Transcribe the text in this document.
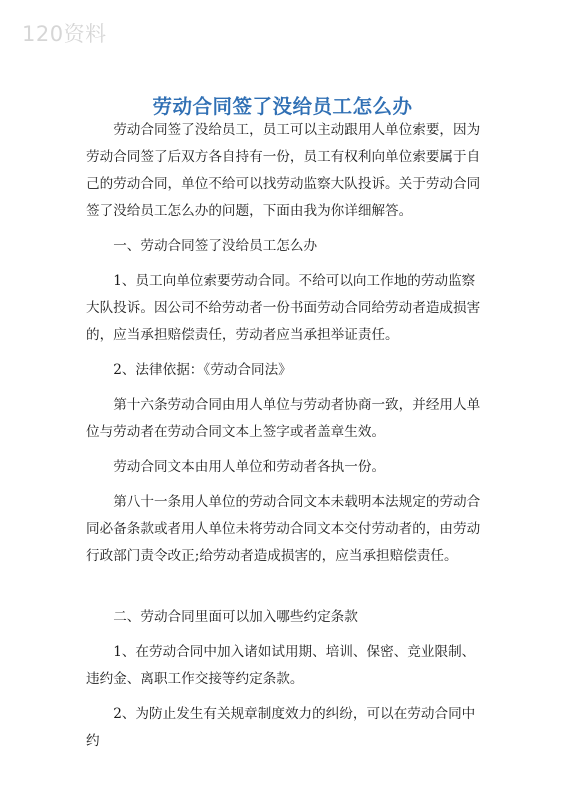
120资料
劳动合同签了没给员工怎么办

劳动合同签了没给员工，员工可以主动跟用人单位索要，因为劳动合同签了后双方各自持有一份，员工有权利向单位索要属于自己的劳动合同，单位不给可以找劳动监察大队投诉。关于劳动合同签了没给员工怎么办的问题，下面由我为你详细解答。

一、劳动合同签了没给员工怎么办

1、员工向单位索要劳动合同。不给可以向工作地的劳动监察大队投诉。因公司不给劳动者一份书面劳动合同给劳动者造成损害的，应当承担赔偿责任，劳动者应当承担举证责任。

2、法律依据：《劳动合同法》

第十六条劳动合同由用人单位与劳动者协商一致，并经用人单位与劳动者在劳动合同文本上签字或者盖章生效。

劳动合同文本由用人单位和劳动者各执一份。

第八十一条用人单位的劳动合同文本未载明本法规定的劳动合同必备条款或者用人单位未将劳动合同文本交付劳动者的，由劳动行政部门责令改正;给劳动者造成损害的，应当承担赔偿责任。

二、劳动合同里面可以加入哪些约定条款

1、在劳动合同中加入诸如试用期、培训、保密、竞业限制、违约金、离职工作交接等约定条款。

2、为防止发生有关规章制度效力的纠纷，可以在劳动合同中约
